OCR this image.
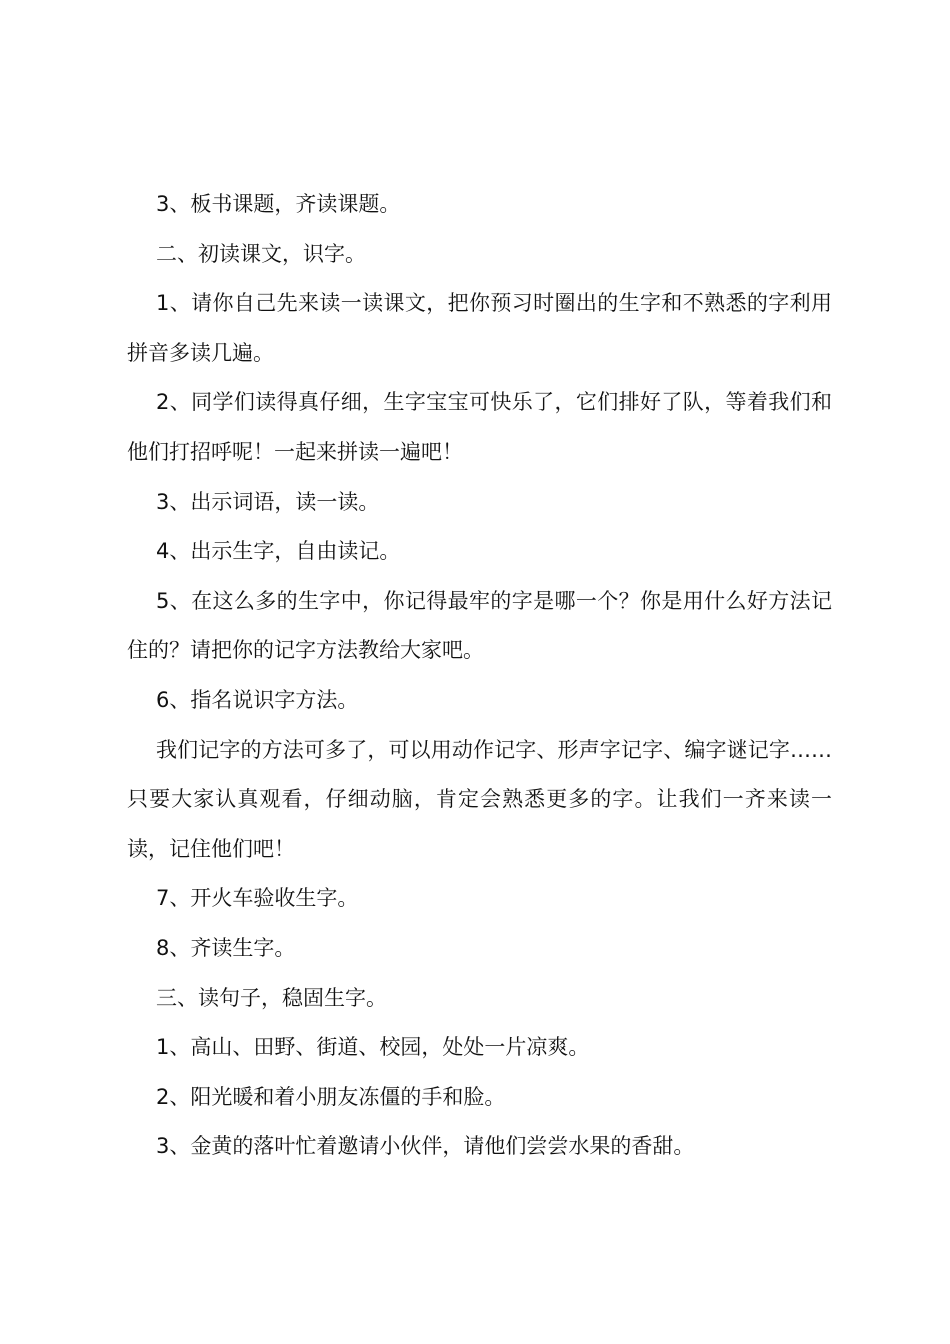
3、板书课题，齐读课题。

二、初读课文，识字。

1、请你自己先来读一读课文，把你预习时圈出的生字和不熟悉的字利用拼音多读几遍。

2、同学们读得真仔细，生字宝宝可快乐了，它们排好了队，等着我们和他们打招呼呢！一起来拼读一遍吧！

3、出示词语，读一读。

4、出示生字，自由读记。

5、在这么多的生字中，你记得最牢的字是哪一个？你是用什么好方法记住的？请把你的记字方法教给大家吧。

6、指名说识字方法。

我们记字的方法可多了，可以用动作记字、形声字记字、编字谜记字……只要大家认真观看，仔细动脑，肯定会熟悉更多的字。让我们一齐来读一读，记住他们吧！

7、开火车验收生字。

8、齐读生字。

三、读句子，稳固生字。

1、高山、田野、街道、校园，处处一片凉爽。

2、阳光暖和着小朋友冻僵的手和脸。

3、金黄的落叶忙着邀请小伙伴，请他们尝尝水果的香甜。
